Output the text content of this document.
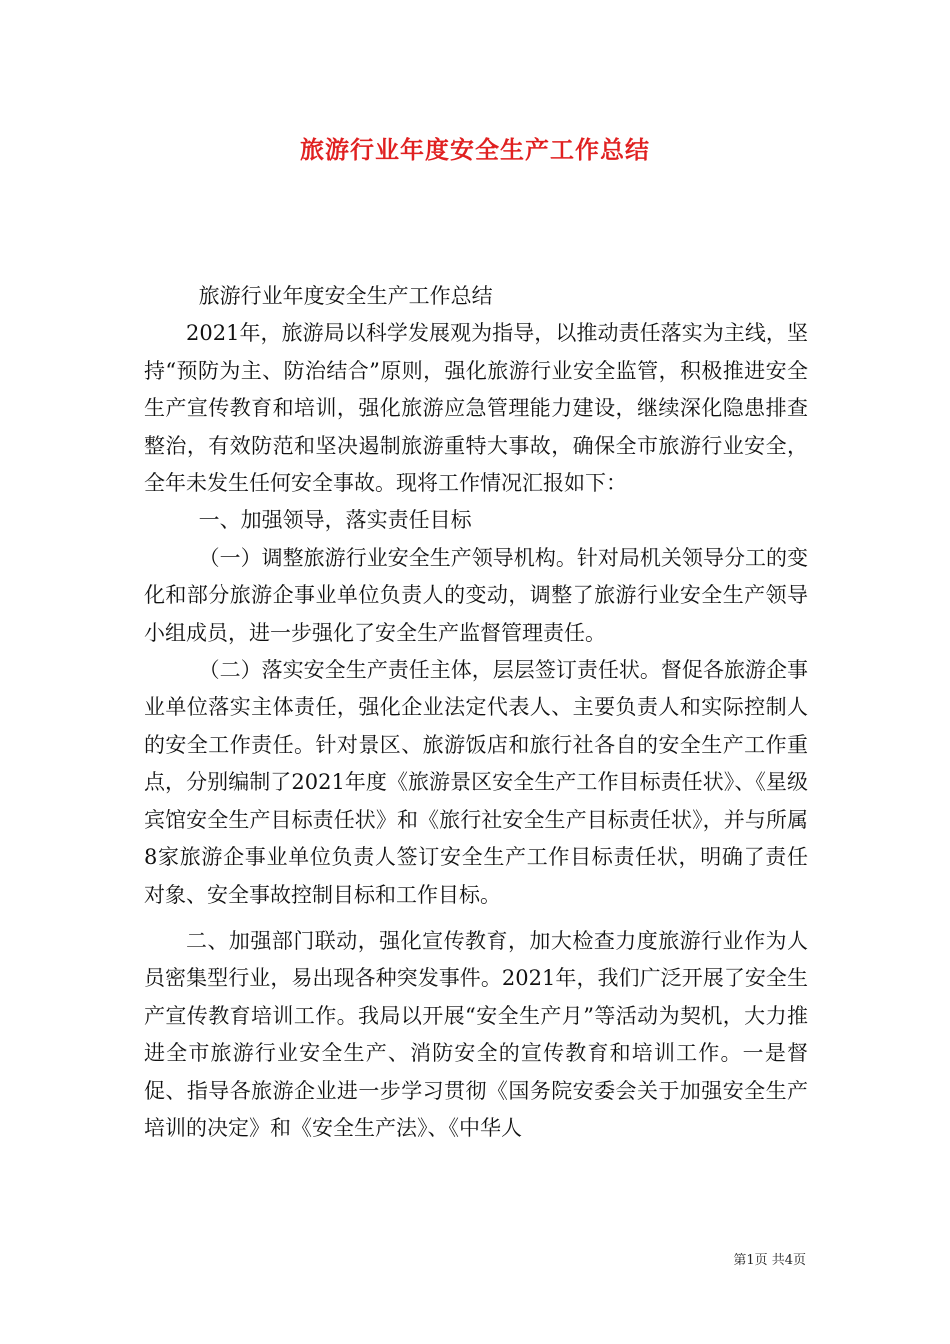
旅游行业年度安全生产工作总结

旅游行业年度安全生产工作总结

2021年，旅游局以科学发展观为指导，以推动责任落实为主线，坚持“预防为主、防治结合”原则，强化旅游行业安全监管，积极推进安全生产宣传教育和培训，强化旅游应急管理能力建设，继续深化隐患排查整治，有效防范和坚决遏制旅游重特大事故，确保全市旅游行业安全，全年未发生任何安全事故。现将工作情况汇报如下：

一、加强领导，落实责任目标

（一）调整旅游行业安全生产领导机构。针对局机关领导分工的变化和部分旅游企事业单位负责人的变动，调整了旅游行业安全生产领导小组成员，进一步强化了安全生产监督管理责任。

（二）落实安全生产责任主体，层层签订责任状。督促各旅游企事业单位落实主体责任，强化企业法定代表人、主要负责人和实际控制人的安全工作责任。针对景区、旅游饭店和旅行社各自的安全生产工作重点，分别编制了2021年度《旅游景区安全生产工作目标责任状》、《星级宾馆安全生产目标责任状》和《旅行社安全生产目标责任状》，并与所属8家旅游企事业单位负责人签订安全生产工作目标责任状，明确了责任对象、安全事故控制目标和工作目标。

二、加强部门联动，强化宣传教育，加大检查力度旅游行业作为人员密集型行业，易出现各种突发事件。2021年，我们广泛开展了安全生产宣传教育培训工作。我局以开展“安全生产月”等活动为契机，大力推进全市旅游行业安全生产、消防安全的宣传教育和培训工作。一是督促、指导各旅游企业进一步学习贯彻《国务院安委会关于加强安全生产培训的决定》和《安全生产法》、《中华人

第1页 共4页
